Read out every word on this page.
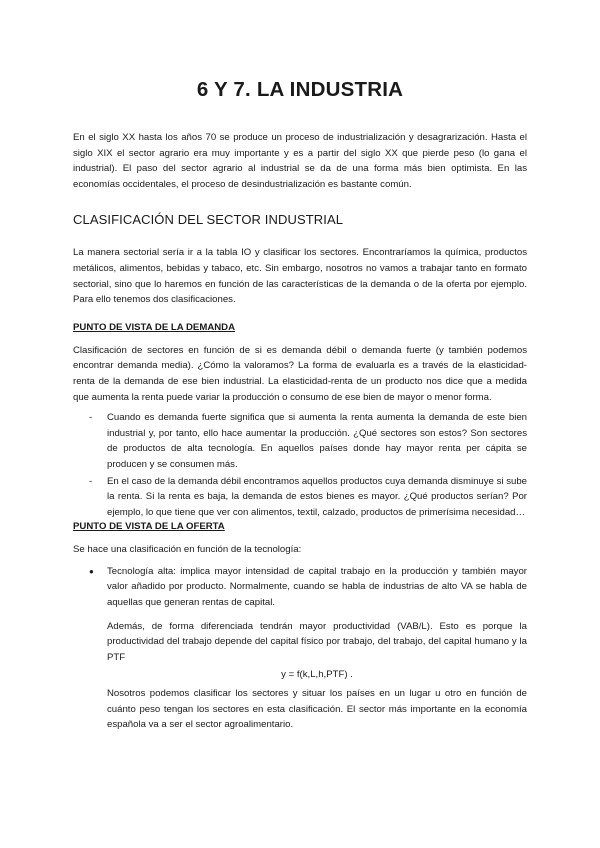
6 Y 7. LA INDUSTRIA

En el siglo XX hasta los años 70 se produce un proceso de industrialización y desagrarización. Hasta el siglo XIX el sector agrario era muy importante y es a partir del siglo XX que pierde peso (lo gana el industrial). El paso del sector agrario al industrial se da de una forma más bien optimista. En las economías occidentales, el proceso de desindustrialización es bastante común.

CLASIFICACIÓN DEL SECTOR INDUSTRIAL

La manera sectorial sería ir a la tabla IO y clasificar los sectores. Encontraríamos la química, productos metálicos, alimentos, bebidas y tabaco, etc. Sin embargo, nosotros no vamos a trabajar tanto en formato sectorial, sino que lo haremos en función de las características de la demanda o de la oferta por ejemplo. Para ello tenemos dos clasificaciones.

PUNTO DE VISTA DE LA DEMANDA

Clasificación de sectores en función de si es demanda débil o demanda fuerte (y también podemos encontrar demanda media). ¿Cómo la valoramos? La forma de evaluarla es a través de la elasticidad-renta de la demanda de ese bien industrial. La elasticidad-renta de un producto nos dice que a medida que aumenta la renta puede variar la producción o consumo de ese bien de mayor o menor forma.

- Cuando es demanda fuerte significa que si aumenta la renta aumenta la demanda de este bien industrial y, por tanto, ello hace aumentar la producción. ¿Qué sectores son estos? Son sectores de productos de alta tecnología. En aquellos países donde hay mayor renta per cápita se producen y se consumen más.
- En el caso de la demanda débil encontramos aquellos productos cuya demanda disminuye si sube la renta. Si la renta es baja, la demanda de estos bienes es mayor. ¿Qué productos serían? Por ejemplo, lo que tiene que ver con alimentos, textil, calzado, productos de primerísima necesidad…
PUNTO DE VISTA DE LA OFERTA

Se hace una clasificación en función de la tecnología:

● Tecnología alta: implica mayor intensidad de capital trabajo en la producción y también mayor valor añadido por producto. Normalmente, cuando se habla de industrias de alto VA se habla de aquellas que generan rentas de capital.

Además, de forma diferenciada tendrán mayor productividad (VAB/L). Esto es porque la productividad del trabajo depende del capital físico por trabajo, del trabajo, del capital humano y la PTF

y = f(k,L,h,PTF) .

Nosotros podemos clasificar los sectores y situar los países en un lugar u otro en función de cuánto peso tengan los sectores en esta clasificación. El sector más importante en la economía española va a ser el sector agroalimentario.
